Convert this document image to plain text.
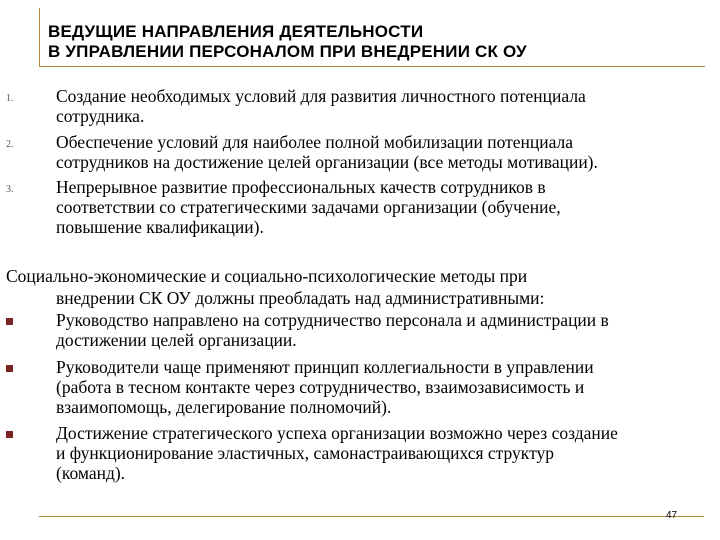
ВЕДУЩИЕ НАПРАВЛЕНИЯ ДЕЯТЕЛЬНОСТИ
В УПРАВЛЕНИИ ПЕРСОНАЛОМ ПРИ ВНЕДРЕНИИ СК ОУ
1. Создание необходимых условий для развития личностного потенциала
сотрудника.
2. Обеспечение условий для наиболее полной мобилизации потенциала
сотрудников на достижение целей организации (все методы мотивации).
3. Непрерывное развитие профессиональных качеств сотрудников в
соответствии со стратегическими задачами организации (обучение,
повышение квалификации).
Социально-экономические и социально-психологические методы при
внедрении СК ОУ должны преобладать над административными:
Руководство направлено на сотрудничество персонала и администрации в
достижении целей организации.
Руководители чаще применяют принцип коллегиальности в управлении
(работа в тесном контакте через сотрудничество, взаимозависимость и
взаимопомощь, делегирование полномочий).
Достижение стратегического успеха организации возможно через создание
и функционирование эластичных, самонастраивающихся структур
(команд).
47
